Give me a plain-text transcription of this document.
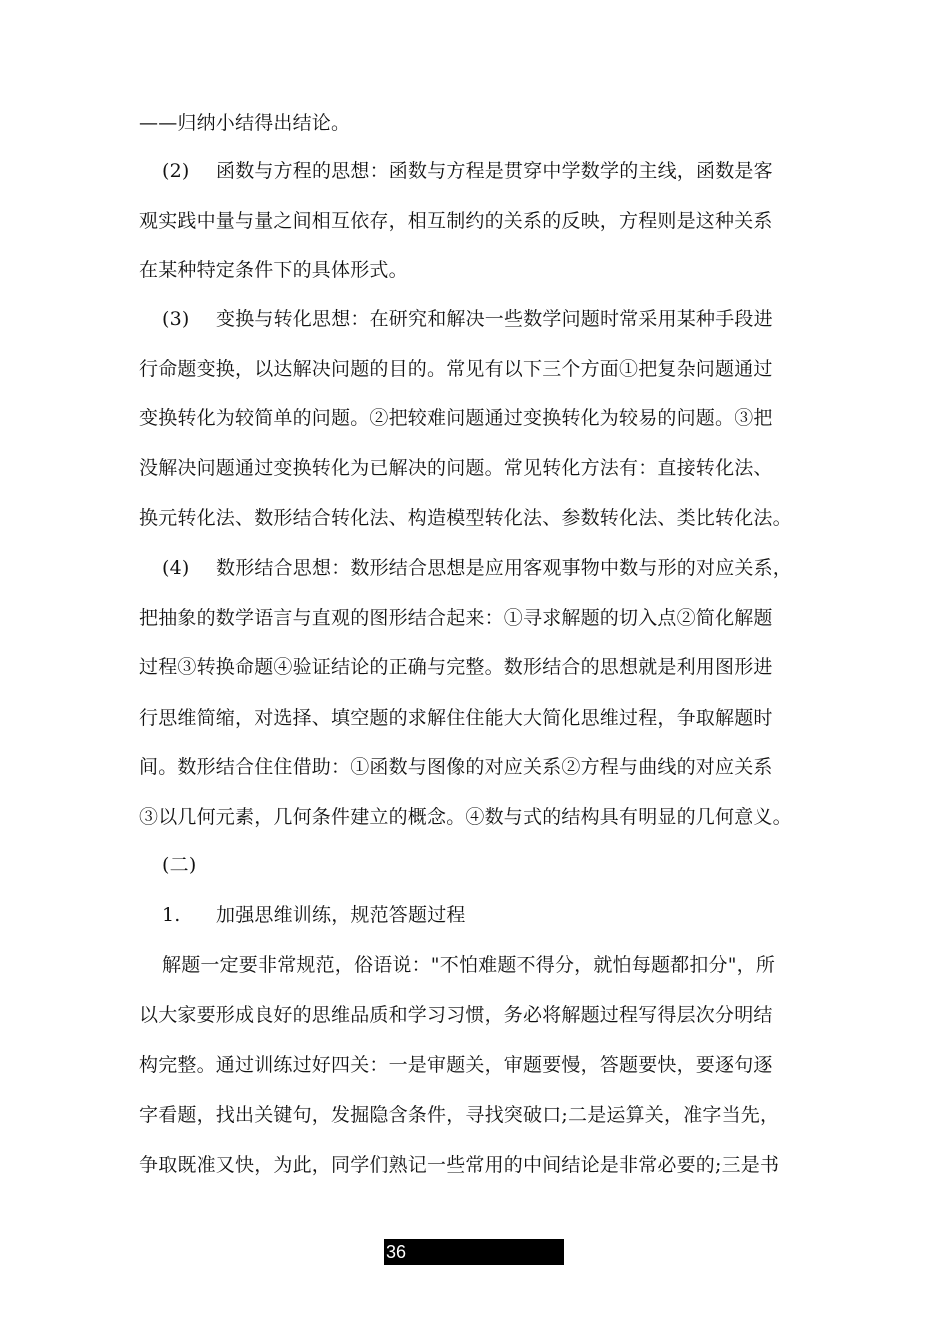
——归纳小结得出结论。
(2) 函数与方程的思想：函数与方程是贯穿中学数学的主线，函数是客
观实践中量与量之间相互依存，相互制约的关系的反映，方程则是这种关系
在某种特定条件下的具体形式。
(3) 变换与转化思想：在研究和解决一些数学问题时常采用某种手段进
行命题变换，以达解决问题的目的。常见有以下三个方面①把复杂问题通过
变换转化为较简单的问题。②把较难问题通过变换转化为较易的问题。③把
没解决问题通过变换转化为已解决的问题。常见转化方法有：直接转化法、
换元转化法、数形结合转化法、构造模型转化法、参数转化法、类比转化法。
(4) 数形结合思想：数形结合思想是应用客观事物中数与形的对应关系，
把抽象的数学语言与直观的图形结合起来：①寻求解题的切入点②简化解题
过程③转换命题④验证结论的正确与完整。数形结合的思想就是利用图形进
行思维简缩，对选择、填空题的求解住住能大大简化思维过程，争取解题时
间。数形结合住住借助：①函数与图像的对应关系②方程与曲线的对应关系
③以几何元素，几何条件建立的概念。④数与式的结构具有明显的几何意义。
(二)
1. 加强思维训练，规范答题过程
解题一定要非常规范，俗语说："不怕难题不得分，就怕每题都扣分"，所
以大家要形成良好的思维品质和学习习惯，务必将解题过程写得层次分明结
构完整。通过训练过好四关：一是审题关，审题要慢，答题要快，要逐句逐
字看题，找出关键句，发掘隐含条件，寻找突破口;二是运算关，准字当先，
争取既准又快，为此，同学们熟记一些常用的中间结论是非常必要的;三是书
36
